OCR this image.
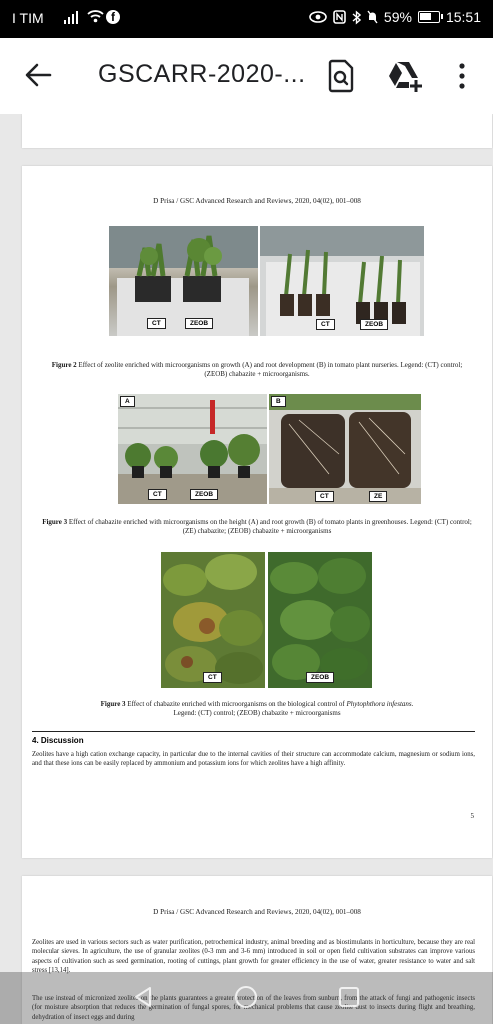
I TIM	f	59% 15:51
GSCARR-2020-...
D Prisa / GSC Advanced Research and Reviews, 2020, 04(02), 001–008
CT	ZEOB	CT	ZEOB
Figure 2 Effect of zeolite enriched with microorganisms on growth (A) and root development (B) in tomato plant nurseries. Legend: (CT) control; (ZEOB) chabazite + microorganisms.
A
CT	ZEOB
B
CT	ZE
Figure 3 Effect of chabazite enriched with microorganisms on the height (A) and root growth (B) of tomato plants in greenhouses. Legend: (CT) control; (ZE) chabazite; (ZEOB) chabazite + microorganisms
CT	ZEOB
Figure 3 Effect of chabazite enriched with microorganisms on the biological control of Phytophthora infestans.
Legend: (CT) control; (ZEOB) chabazite + microorganisms
4. Discussion
Zeolites have a high cation exchange capacity, in particular due to the internal cavities of their structure can accommodate calcium, magnesium or sodium ions, and that these ions can be easily replaced by ammonium and potassium ions for which zeolites have a high affinity.
5
D Prisa / GSC Advanced Research and Reviews, 2020, 04(02), 001–008
Zeolites are used in various sectors such as water purification, petrochemical industry, animal breeding and as biostimulants in horticulture, because they are real molecular sieves. In agriculture, the use of granular zeolites (0-3 mm and 3-6 mm) introduced in soil or open field cultivation substrates can improve various aspects of cultivation such as seed germination, rooting of cuttings, plant growth for greater efficiency in the use of water, greater resistance to water and salt stress [13,14].
The use instead of micronized zeolites on the plants guarantees a greater protection of the leaves from sunburn, from the attack of fungi and pathogenic insects (for moisture absorption that reduces the germination of fungal spores, for mechanical problems that cause zeolite dust to insects during flight and breathing, dehydration of insect eggs and during
